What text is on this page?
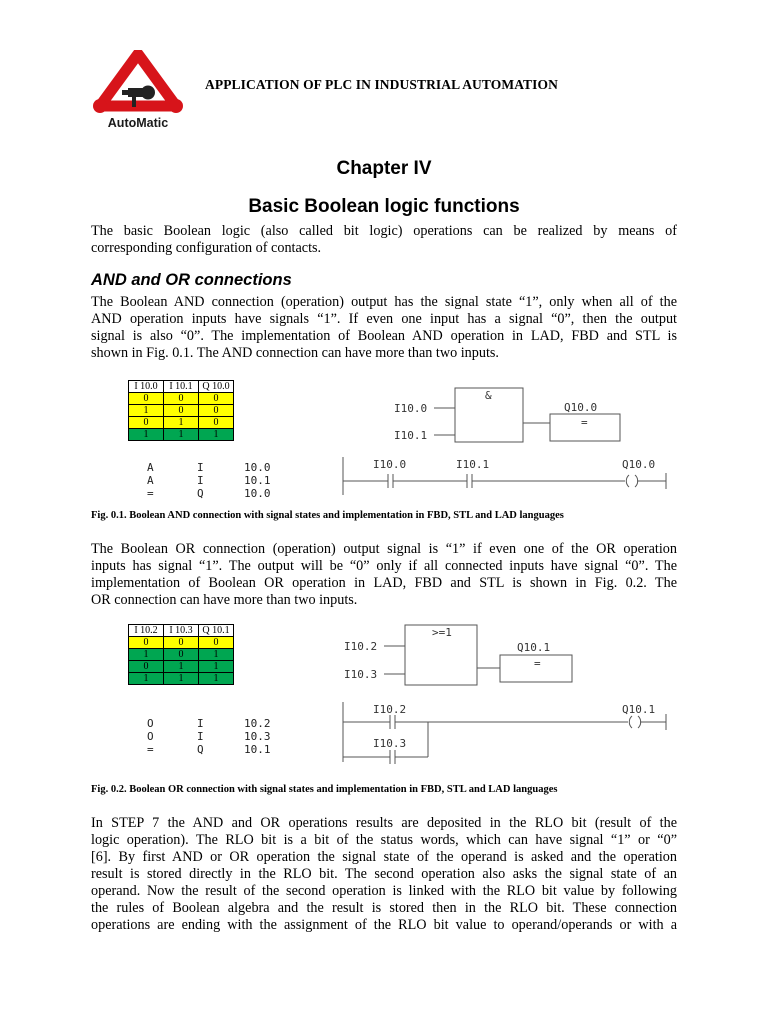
AutoMatic
APPLICATION OF PLC IN INDUSTRIAL AUTOMATION
Chapter IV
Basic Boolean logic functions
The basic Boolean logic (also called bit logic) operations can be realized by means of
corresponding configuration of contacts.
AND and OR connections
The Boolean AND connection (operation) output has the signal state “1”, only when all of the
AND operation inputs have signals “1”. If even one input has a signal “0”, then the output
signal is also “0”. The implementation of Boolean AND operation in LAD, FBD and STL is
shown in Fig. 0.1. The AND connection can have more than two inputs.
I 10.0	I 10.1	Q 10.0
0	0	0
1	0	0
0	1	0
1	1	1
A	I	10.0
A	I	10.1
=	Q	10.0
&
I10.0
I10.1
Q10.0
=
I10.0	I10.1	Q10.0
Fig. 0.1. Boolean AND connection with signal states and implementation in FBD, STL and LAD languages
The Boolean OR connection (operation) output signal is “1” if even one of the OR operation
inputs has signal “1”. The output will be “0” only if all connected inputs have signal “0”. The
implementation of Boolean OR operation in LAD, FBD and STL is shown in Fig. 0.2. The
OR connection can have more than two inputs.
I 10.2	I 10.3	Q 10.1
0	0	0
1	0	1
0	1	1
1	1	1
O	I	10.2
O	I	10.3
=	Q	10.1
>=1
I10.2
I10.3
Q10.1
=
I10.2
I10.3
Q10.1
Fig. 0.2. Boolean OR connection with signal states and implementation in FBD, STL and LAD languages
In STEP 7 the AND and OR operations results are deposited in the RLO bit (result of the
logic operation). The RLO bit is a bit of the status words, which can have signal “1” or “0”
[6]. By first AND or OR operation the signal state of the operand is asked and the operation
result is stored directly in the RLO bit. The second operation also asks the signal state of an
operand. Now the result of the second operation is linked with the RLO bit value by following
the rules of Boolean algebra and the result is stored then in the RLO bit. These connection
operations are ending with the assignment of the RLO bit value to operand/operands or with a
